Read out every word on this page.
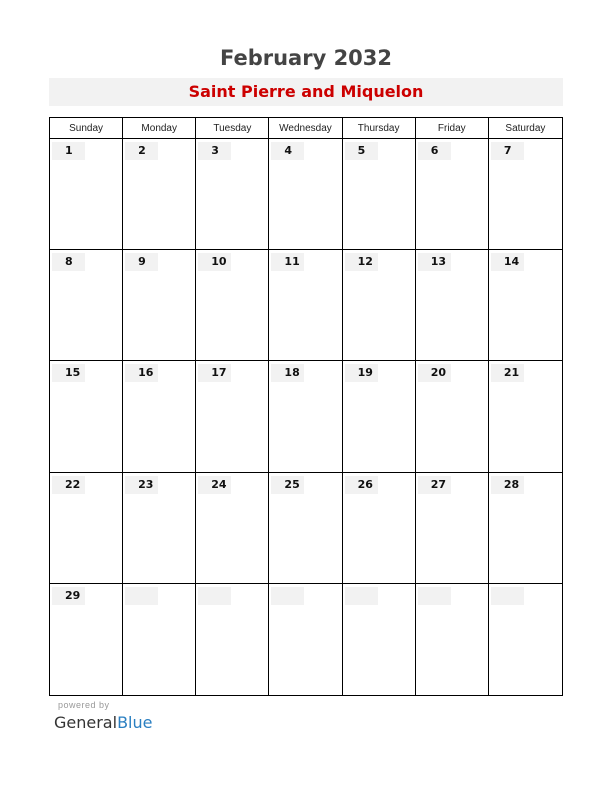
February 2032
Saint Pierre and Miquelon
Sunday	Monday	Tuesday	Wednesday	Thursday	Friday	Saturday
1	2	3	4	5	6	7
8	9	10	11	12	13	14
15	16	17	18	19	20	21
22	23	24	25	26	27	28
29
powered by
GeneralBlue
